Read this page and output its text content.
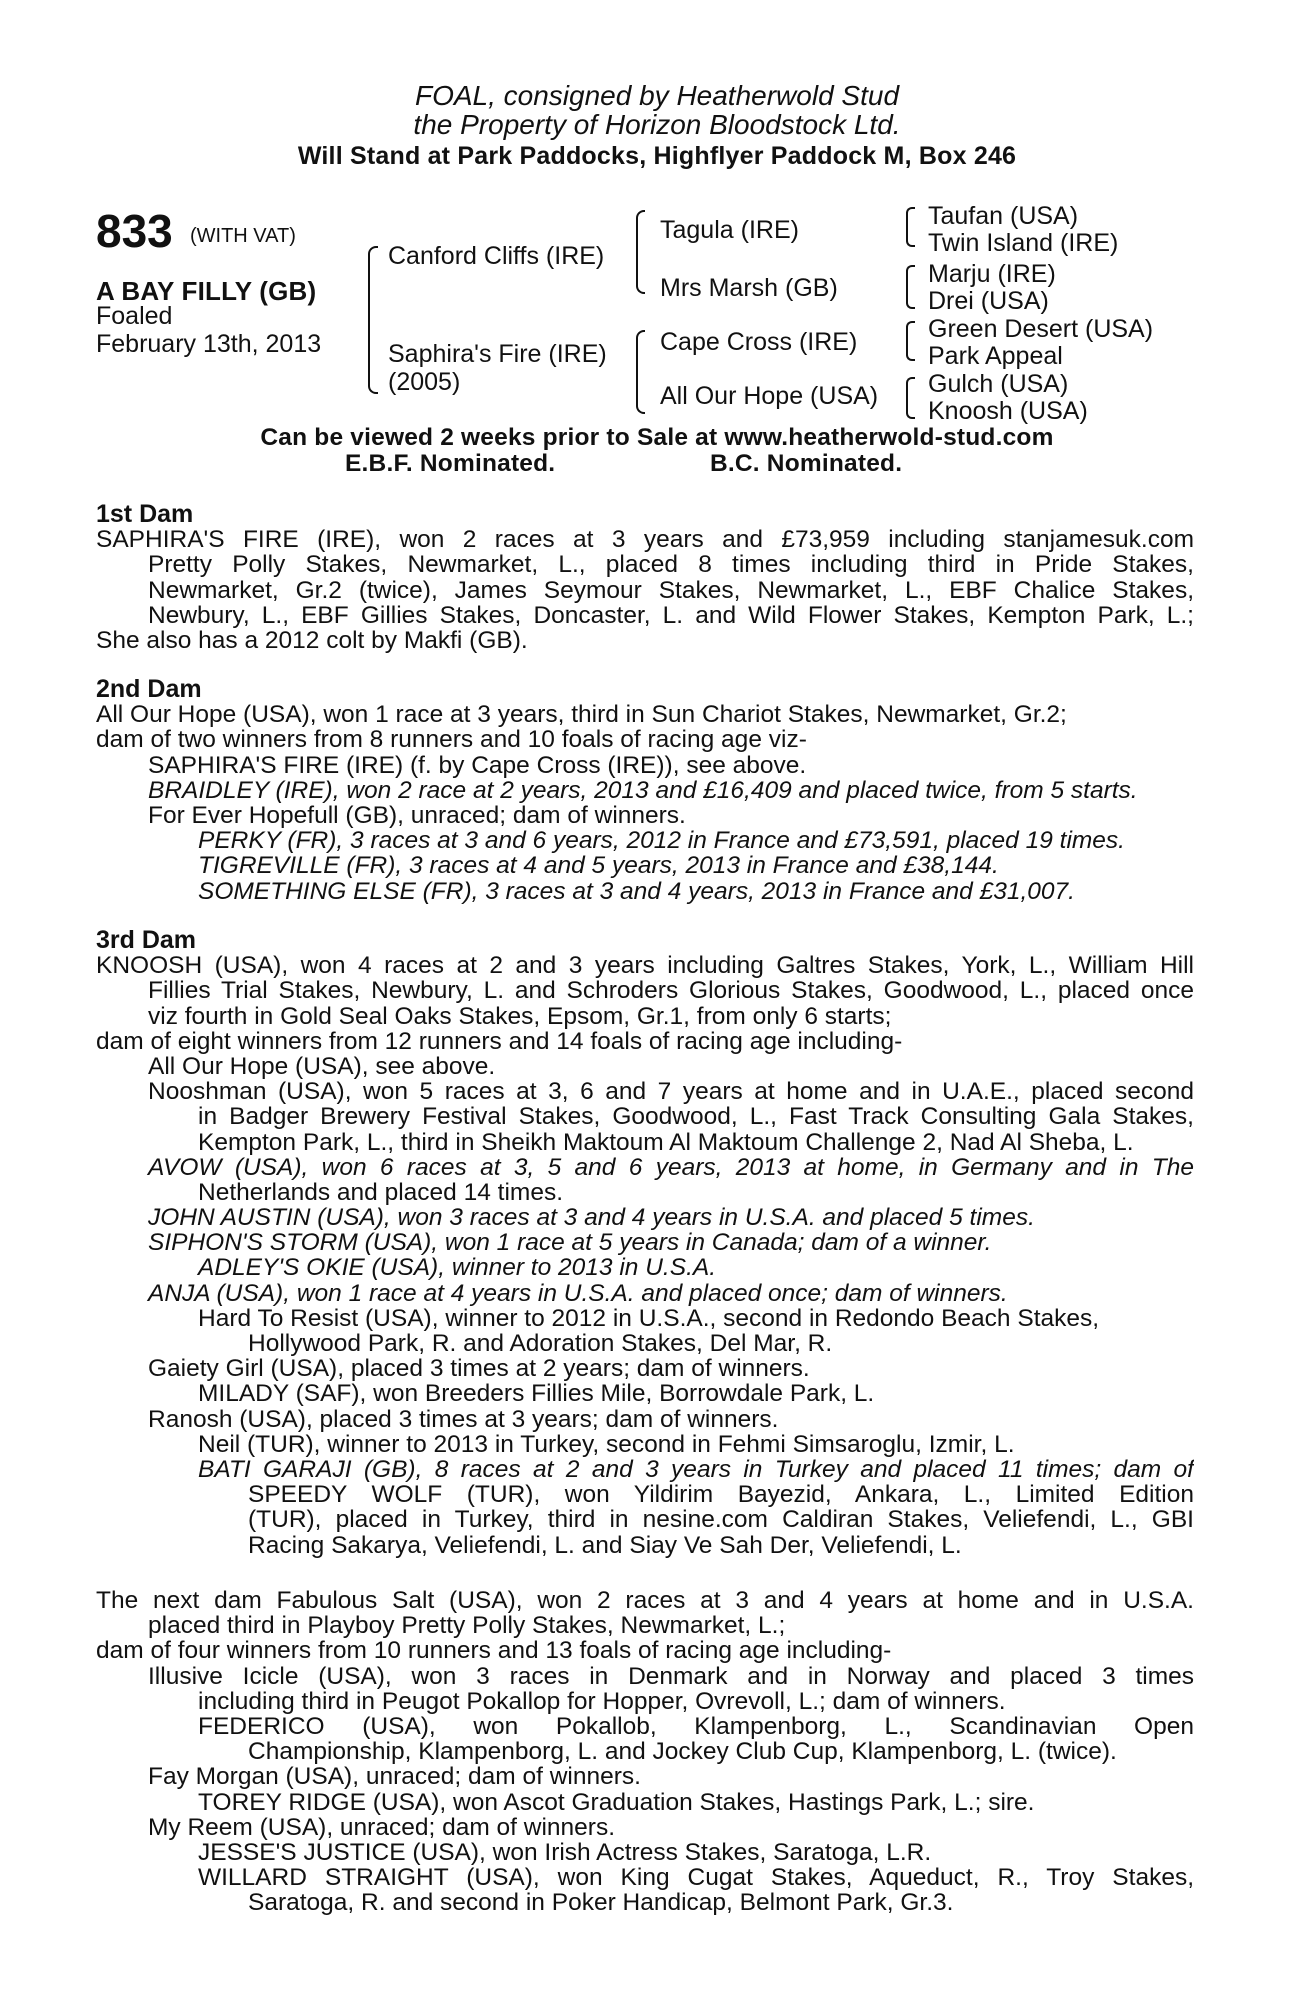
FOAL, consigned by Heatherwold Stud
the Property of Horizon Bloodstock Ltd.
Will Stand at Park Paddocks, Highflyer Paddock M, Box 246
833 (WITH VAT)
A BAY FILLY (GB)
Foaled
February 13th, 2013
Canford Cliffs (IRE)
Saphira's Fire (IRE)
(2005)
Tagula (IRE)
Mrs Marsh (GB)
Cape Cross (IRE)
All Our Hope (USA)
Taufan (USA)
Twin Island (IRE)
Marju (IRE)
Drei (USA)
Green Desert (USA)
Park Appeal
Gulch (USA)
Knoosh (USA)
Can be viewed 2 weeks prior to Sale at www.heatherwold-stud.com
E.B.F. Nominated.	B.C. Nominated.
1st Dam
SAPHIRA'S FIRE (IRE), won 2 races at 3 years and £73,959 including stanjamesuk.com
Pretty Polly Stakes, Newmarket, L., placed 8 times including third in Pride Stakes,
Newmarket, Gr.2 (twice), James Seymour Stakes, Newmarket, L., EBF Chalice Stakes,
Newbury, L., EBF Gillies Stakes, Doncaster, L. and Wild Flower Stakes, Kempton Park, L.;
She also has a 2012 colt by Makfi (GB).
2nd Dam
All Our Hope (USA), won 1 race at 3 years, third in Sun Chariot Stakes, Newmarket, Gr.2;
dam of two winners from 8 runners and 10 foals of racing age viz-
SAPHIRA'S FIRE (IRE) (f. by Cape Cross (IRE)), see above.
BRAIDLEY (IRE), won 2 race at 2 years, 2013 and £16,409 and placed twice, from 5 starts.
For Ever Hopefull (GB), unraced; dam of winners.
PERKY (FR), 3 races at 3 and 6 years, 2012 in France and £73,591, placed 19 times.
TIGREVILLE (FR), 3 races at 4 and 5 years, 2013 in France and £38,144.
SOMETHING ELSE (FR), 3 races at 3 and 4 years, 2013 in France and £31,007.
3rd Dam
KNOOSH (USA), won 4 races at 2 and 3 years including Galtres Stakes, York, L., William Hill
Fillies Trial Stakes, Newbury, L. and Schroders Glorious Stakes, Goodwood, L., placed once
viz fourth in Gold Seal Oaks Stakes, Epsom, Gr.1, from only 6 starts;
dam of eight winners from 12 runners and 14 foals of racing age including-
All Our Hope (USA), see above.
Nooshman (USA), won 5 races at 3, 6 and 7 years at home and in U.A.E., placed second
in Badger Brewery Festival Stakes, Goodwood, L., Fast Track Consulting Gala Stakes,
Kempton Park, L., third in Sheikh Maktoum Al Maktoum Challenge 2, Nad Al Sheba, L.
AVOW (USA), won 6 races at 3, 5 and 6 years, 2013 at home, in Germany and in The
Netherlands and placed 14 times.
JOHN AUSTIN (USA), won 3 races at 3 and 4 years in U.S.A. and placed 5 times.
SIPHON'S STORM (USA), won 1 race at 5 years in Canada; dam of a winner.
ADLEY'S OKIE (USA), winner to 2013 in U.S.A.
ANJA (USA), won 1 race at 4 years in U.S.A. and placed once; dam of winners.
Hard To Resist (USA), winner to 2012 in U.S.A., second in Redondo Beach Stakes,
Hollywood Park, R. and Adoration Stakes, Del Mar, R.
Gaiety Girl (USA), placed 3 times at 2 years; dam of winners.
MILADY (SAF), won Breeders Fillies Mile, Borrowdale Park, L.
Ranosh (USA), placed 3 times at 3 years; dam of winners.
Neil (TUR), winner to 2013 in Turkey, second in Fehmi Simsaroglu, Izmir, L.
BATI GARAJI (GB), 8 races at 2 and 3 years in Turkey and placed 11 times; dam of
SPEEDY WOLF (TUR), won Yildirim Bayezid, Ankara, L., Limited Edition
(TUR), placed in Turkey, third in nesine.com Caldiran Stakes, Veliefendi, L., GBI
Racing Sakarya, Veliefendi, L. and Siay Ve Sah Der, Veliefendi, L.
The next dam Fabulous Salt (USA), won 2 races at 3 and 4 years at home and in U.S.A.
placed third in Playboy Pretty Polly Stakes, Newmarket, L.;
dam of four winners from 10 runners and 13 foals of racing age including-
Illusive Icicle (USA), won 3 races in Denmark and in Norway and placed 3 times
including third in Peugot Pokallop for Hopper, Ovrevoll, L.; dam of winners.
FEDERICO (USA), won Pokallob, Klampenborg, L., Scandinavian Open
Championship, Klampenborg, L. and Jockey Club Cup, Klampenborg, L. (twice).
Fay Morgan (USA), unraced; dam of winners.
TOREY RIDGE (USA), won Ascot Graduation Stakes, Hastings Park, L.; sire.
My Reem (USA), unraced; dam of winners.
JESSE'S JUSTICE (USA), won Irish Actress Stakes, Saratoga, L.R.
WILLARD STRAIGHT (USA), won King Cugat Stakes, Aqueduct, R., Troy Stakes,
Saratoga, R. and second in Poker Handicap, Belmont Park, Gr.3.
